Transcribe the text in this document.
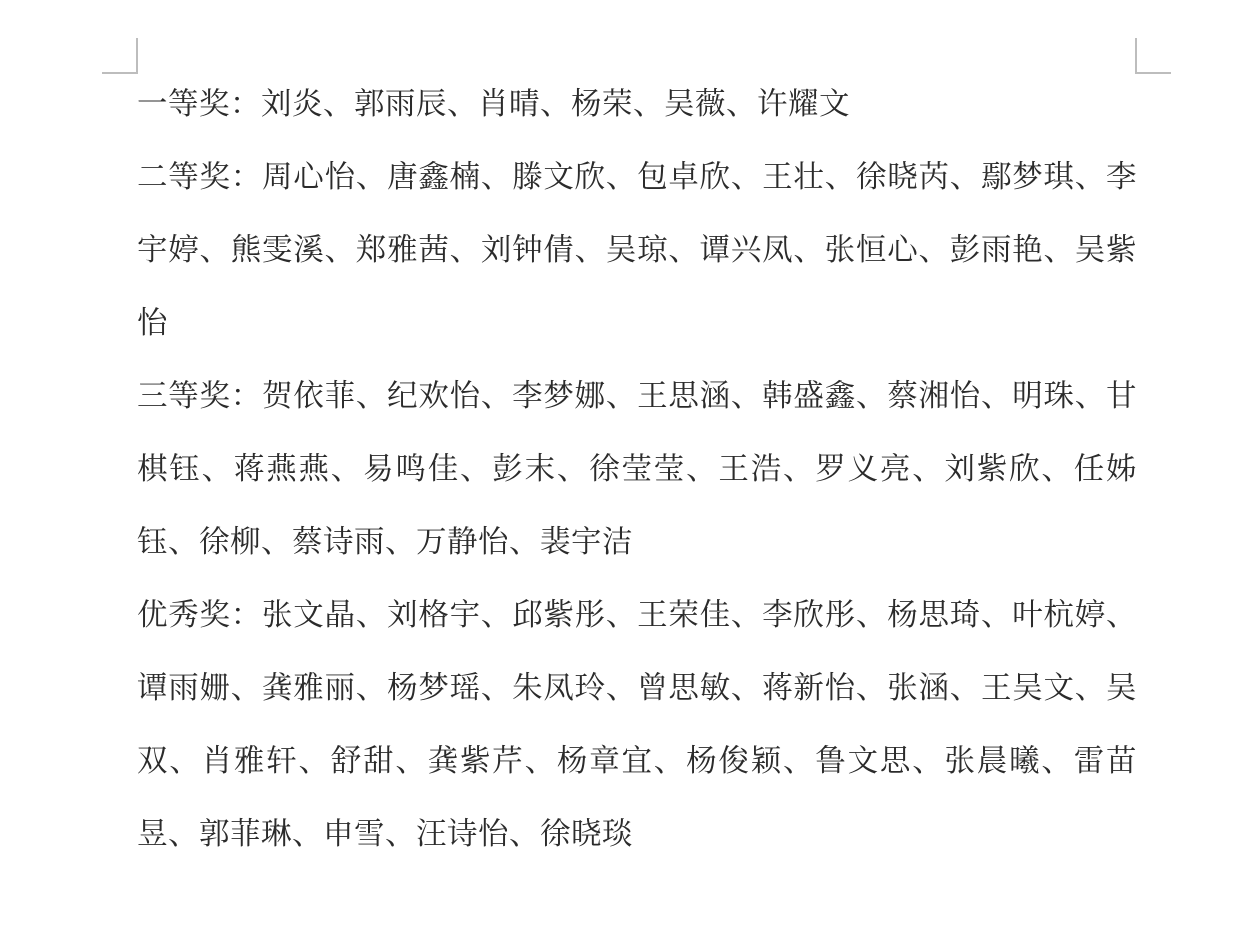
一等奖：刘炎、郭雨辰、肖晴、杨荣、吴薇、许耀文

二等奖：周心怡、唐鑫楠、滕文欣、包卓欣、王壮、徐晓芮、鄢梦琪、李宇婷、熊雯溪、郑雅茜、刘钟倩、吴琼、谭兴凤、张恒心、彭雨艳、吴紫怡

三等奖：贺依菲、纪欢怡、李梦娜、王思涵、韩盛鑫、蔡湘怡、明珠、甘棋钰、蒋燕燕、易鸣佳、彭末、徐莹莹、王浩、罗义亮、刘紫欣、任姊钰、徐柳、蔡诗雨、万静怡、裴宇洁

优秀奖：张文晶、刘格宇、邱紫彤、王荣佳、李欣彤、杨思琦、叶杭婷、谭雨姗、龚雅丽、杨梦瑶、朱凤玲、曾思敏、蒋新怡、张涵、王吴文、吴双、肖雅轩、舒甜、龚紫芹、杨章宜、杨俊颖、鲁文思、张晨曦、雷苗昱、郭菲琳、申雪、汪诗怡、徐晓琰
